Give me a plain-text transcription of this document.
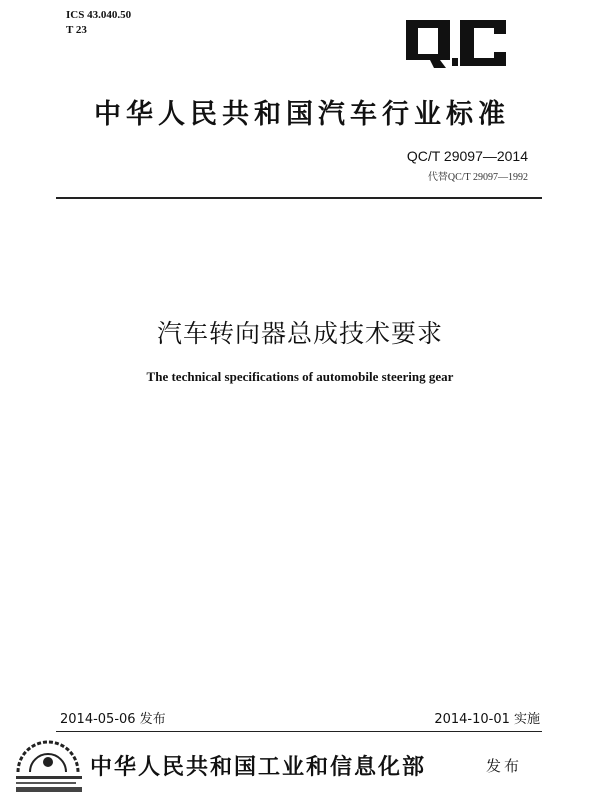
ICS 43.040.50
T 23
中华人民共和国汽车行业标准
QC/T 29097—2014
代替QC/T 29097—1992
汽车转向器总成技术要求
The technical specifications of automobile steering gear
2014-05-06 发布	2014-10-01 实施
中华人民共和国工业和信息化部	发布
